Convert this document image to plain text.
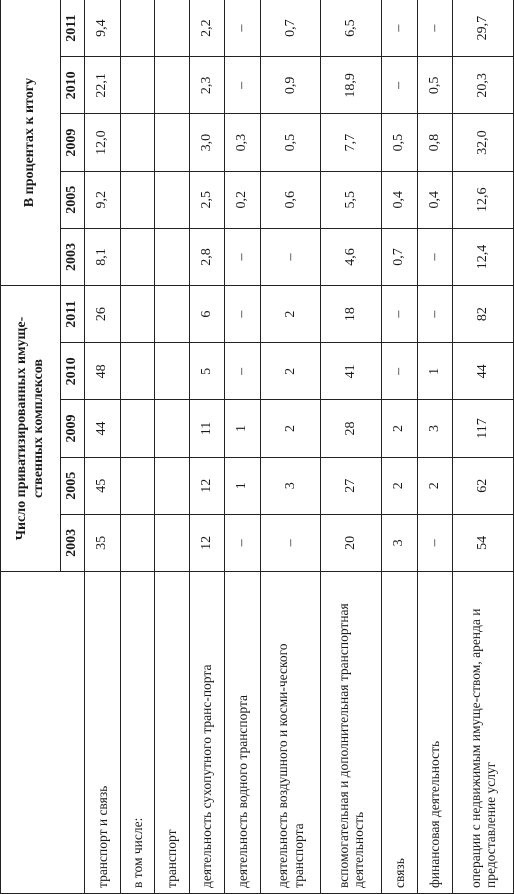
	Число приватизированных имуще-ственных комплексов					В процентах к итогу				
	2003	2005	2009	2010	2011	2003	2005	2009	2010	2011
транспорт и связь	35	45	44	48	26	8,1	9,2	12,0	22,1	9,4
в том числе:										
транспорт										
деятельность сухопутного транс-порта	12	12	11	5	6	2,8	2,5	3,0	2,3	2,2
деятельность водного транспорта	–	1	1	–	–	–	0,2	0,3	–	–
деятельность воздушного и косми-ческого транспорта	–	3	2	2	2	–	0,6	0,5	0,9	0,7
вспомогательная и дополнительная транспортная деятельность	20	27	28	41	18	4,6	5,5	7,7	18,9	6,5
связь	3	2	2	–	–	0,7	0,4	0,5	–	–
финансовая деятельность	–	2	3	1	–	–	0,4	0,8	0,5	–
операции с недвижимым имуще-ством, аренда и предоставление услуг	54	62	117	44	82	12,4	12,6	32,0	20,3	29,7
